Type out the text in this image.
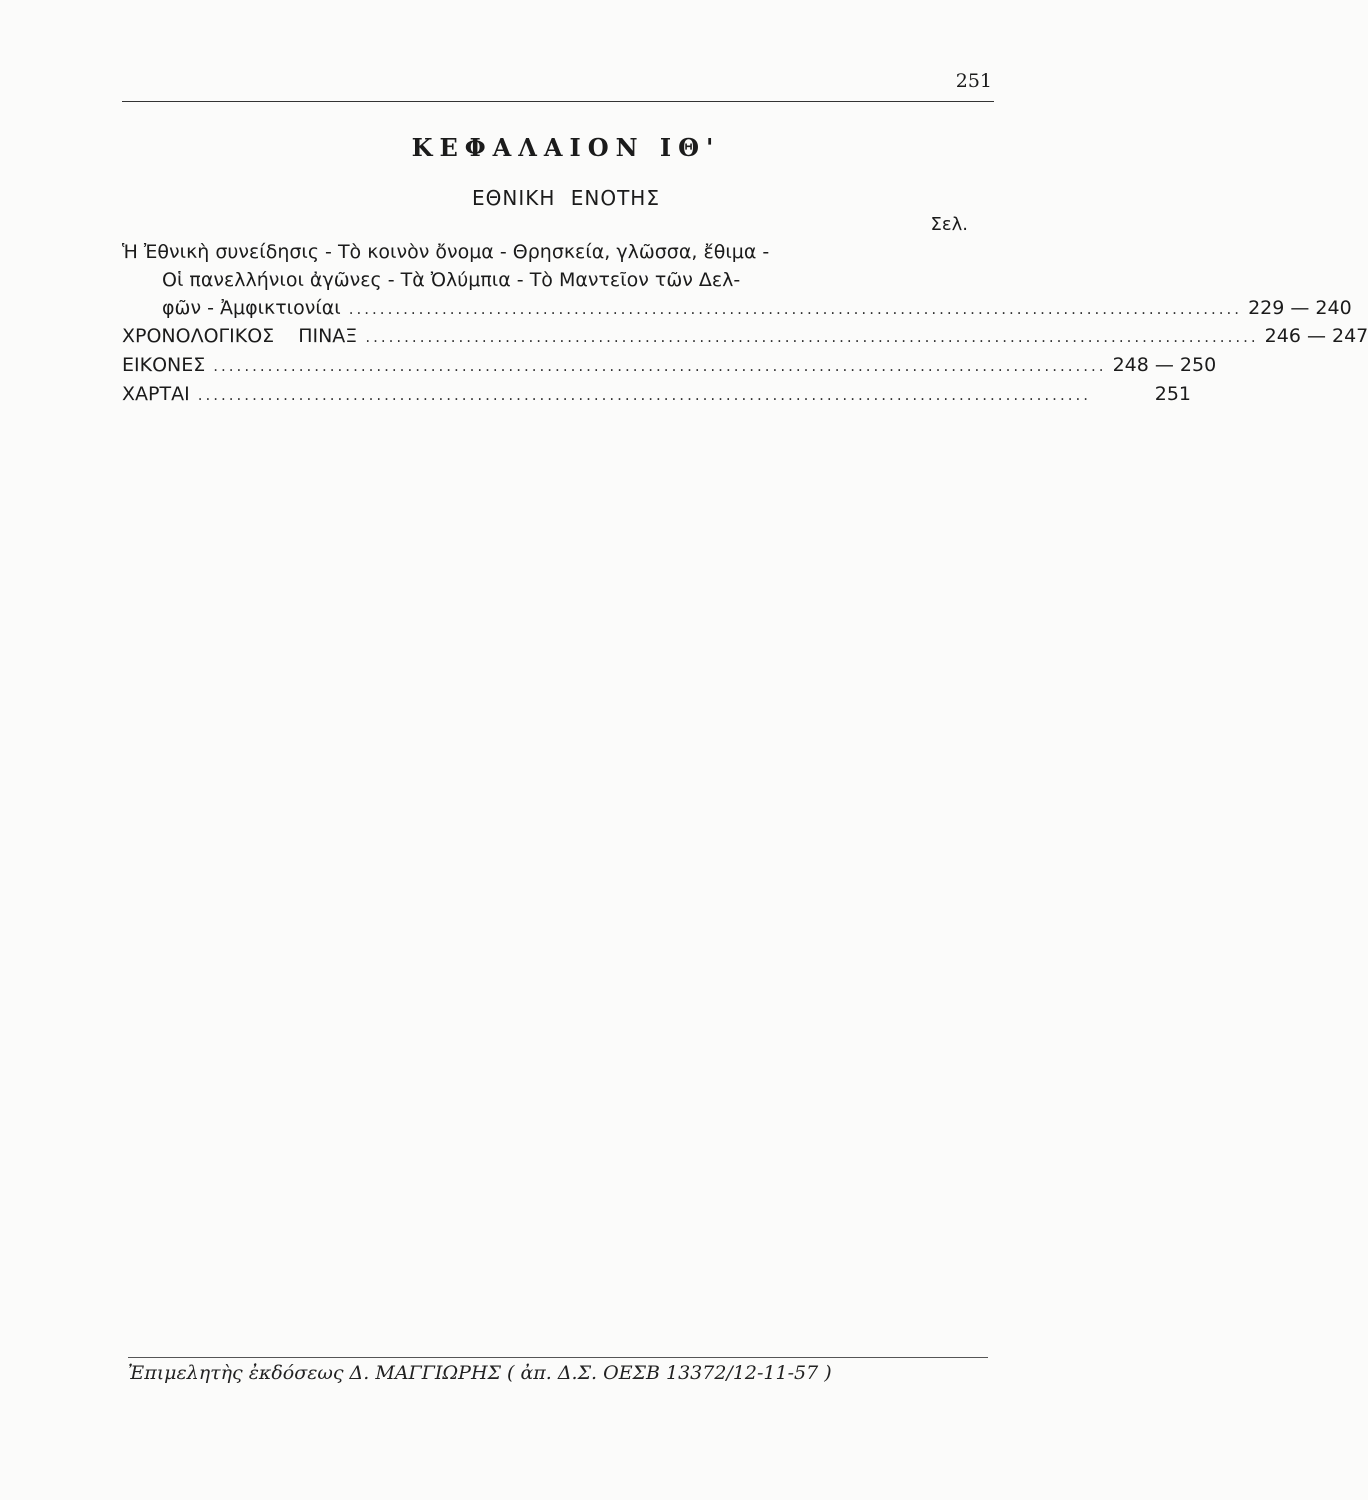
251
ΚΕΦΑΛΑΙΟΝ ΙΘ'
ΕΘΝΙΚΗ ΕΝΟΤΗΣ
Σελ.
Ἡ Ἐθνικὴ συνείδησις - Τὸ κοινὸν ὄνομα - Θρησκεία, γλῶσσα, ἔθιμα -
Οἱ πανελλήνιοι ἀγῶνες - Τὰ Ὀλύμπια - Τὸ Μαντεῖον τῶν Δελ-
φῶν - Ἀμφικτιονίαι ................................................................................................................... 229 — 240
ΧΡΟΝΟΛΟΓΙΚΟΣ ΠΙΝΑΞ ................................................................................................................... 246 — 247
ΕΙΚΟΝΕΣ ................................................................................................................... 248 — 250
ΧΑΡΤΑΙ ...................................................................................................................	251
Ἐπιμελητὴς ἐκδόσεως Δ. ΜΑΓΓΙΩΡΗΣ ( ἀπ. Δ.Σ. ΟΕΣΒ 13372/12-11-57 )
